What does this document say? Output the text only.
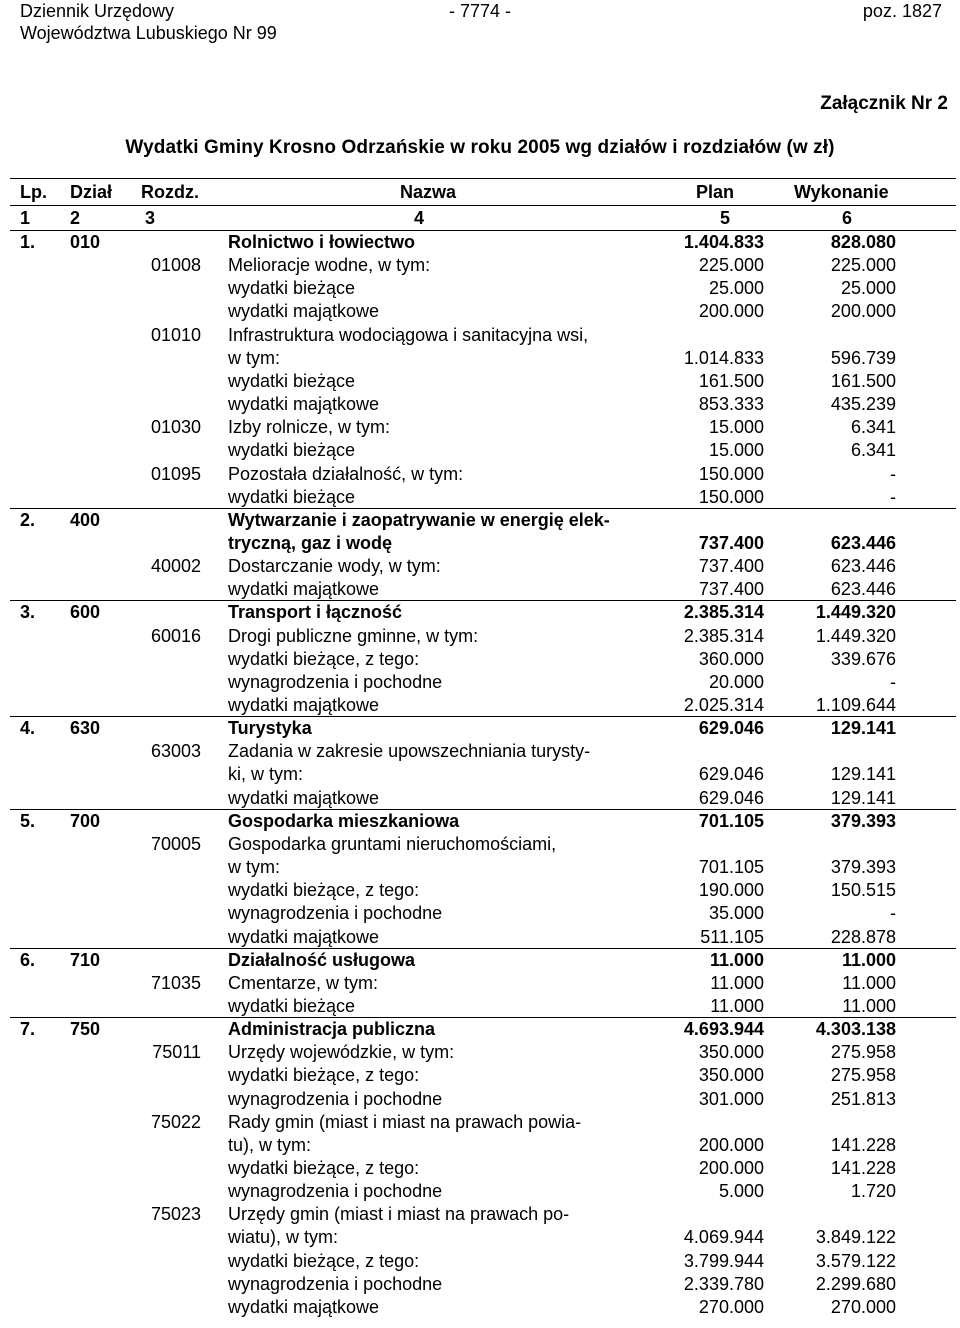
Dziennik Urzędowy
Województwa Lubuskiego Nr 99
- 7774 -	poz. 1827
Załącznik Nr 2
Wydatki Gminy Krosno Odrzańskie w roku 2005 wg działów i rozdziałów (w zł)
Lp. Dział Rozdz.	Nazwa	Plan	Wykonanie
1 2	3	4	5	6
1. 010	Rolnictwo i łowiectwo	1.404.833	828.080
01008 Melioracje wodne, w tym:	225.000	225.000
wydatki bieżące	25.000	25.000
wydatki majątkowe	200.000	200.000
01010 Infrastruktura wodociągowa i sanitacyjna wsi,
w tym:	1.014.833	596.739
wydatki bieżące	161.500	161.500
wydatki majątkowe	853.333	435.239
01030 Izby rolnicze, w tym:	15.000	6.341
wydatki bieżące	15.000	6.341
01095 Pozostała działalność, w tym:	150.000	-
wydatki bieżące	150.000	-
2. 400	Wytwarzanie i zaopatrywanie w energię elek-
tryczną, gaz i wodę	737.400	623.446
40002 Dostarczanie wody, w tym:	737.400	623.446
wydatki majątkowe	737.400	623.446
3. 600	Transport i łączność	2.385.314	1.449.320
60016 Drogi publiczne gminne, w tym:	2.385.314	1.449.320
wydatki bieżące, z tego:	360.000	339.676
wynagrodzenia i pochodne	20.000	-
wydatki majątkowe	2.025.314	1.109.644
4. 630	Turystyka	629.046	129.141
63003 Zadania w zakresie upowszechniania turysty-
ki, w tym:	629.046	129.141
wydatki majątkowe	629.046	129.141
5. 700	Gospodarka mieszkaniowa	701.105	379.393
70005 Gospodarka gruntami nieruchomościami,
w tym:	701.105	379.393
wydatki bieżące, z tego:	190.000	150.515
wynagrodzenia i pochodne	35.000	-
wydatki majątkowe	511.105	228.878
6. 710	Działalność usługowa	11.000	11.000
71035 Cmentarze, w tym:	11.000	11.000
wydatki bieżące	11.000	11.000
7. 750	Administracja publiczna	4.693.944	4.303.138
75011 Urzędy wojewódzkie, w tym:	350.000	275.958
wydatki bieżące, z tego:	350.000	275.958
wynagrodzenia i pochodne	301.000	251.813
75022 Rady gmin (miast i miast na prawach powia-
tu), w tym:	200.000	141.228
wydatki bieżące, z tego:	200.000	141.228
wynagrodzenia i pochodne	5.000	1.720
75023 Urzędy gmin (miast i miast na prawach po-
wiatu), w tym:	4.069.944	3.849.122
wydatki bieżące, z tego:	3.799.944	3.579.122
wynagrodzenia i pochodne	2.339.780	2.299.680
wydatki majątkowe	270.000	270.000
